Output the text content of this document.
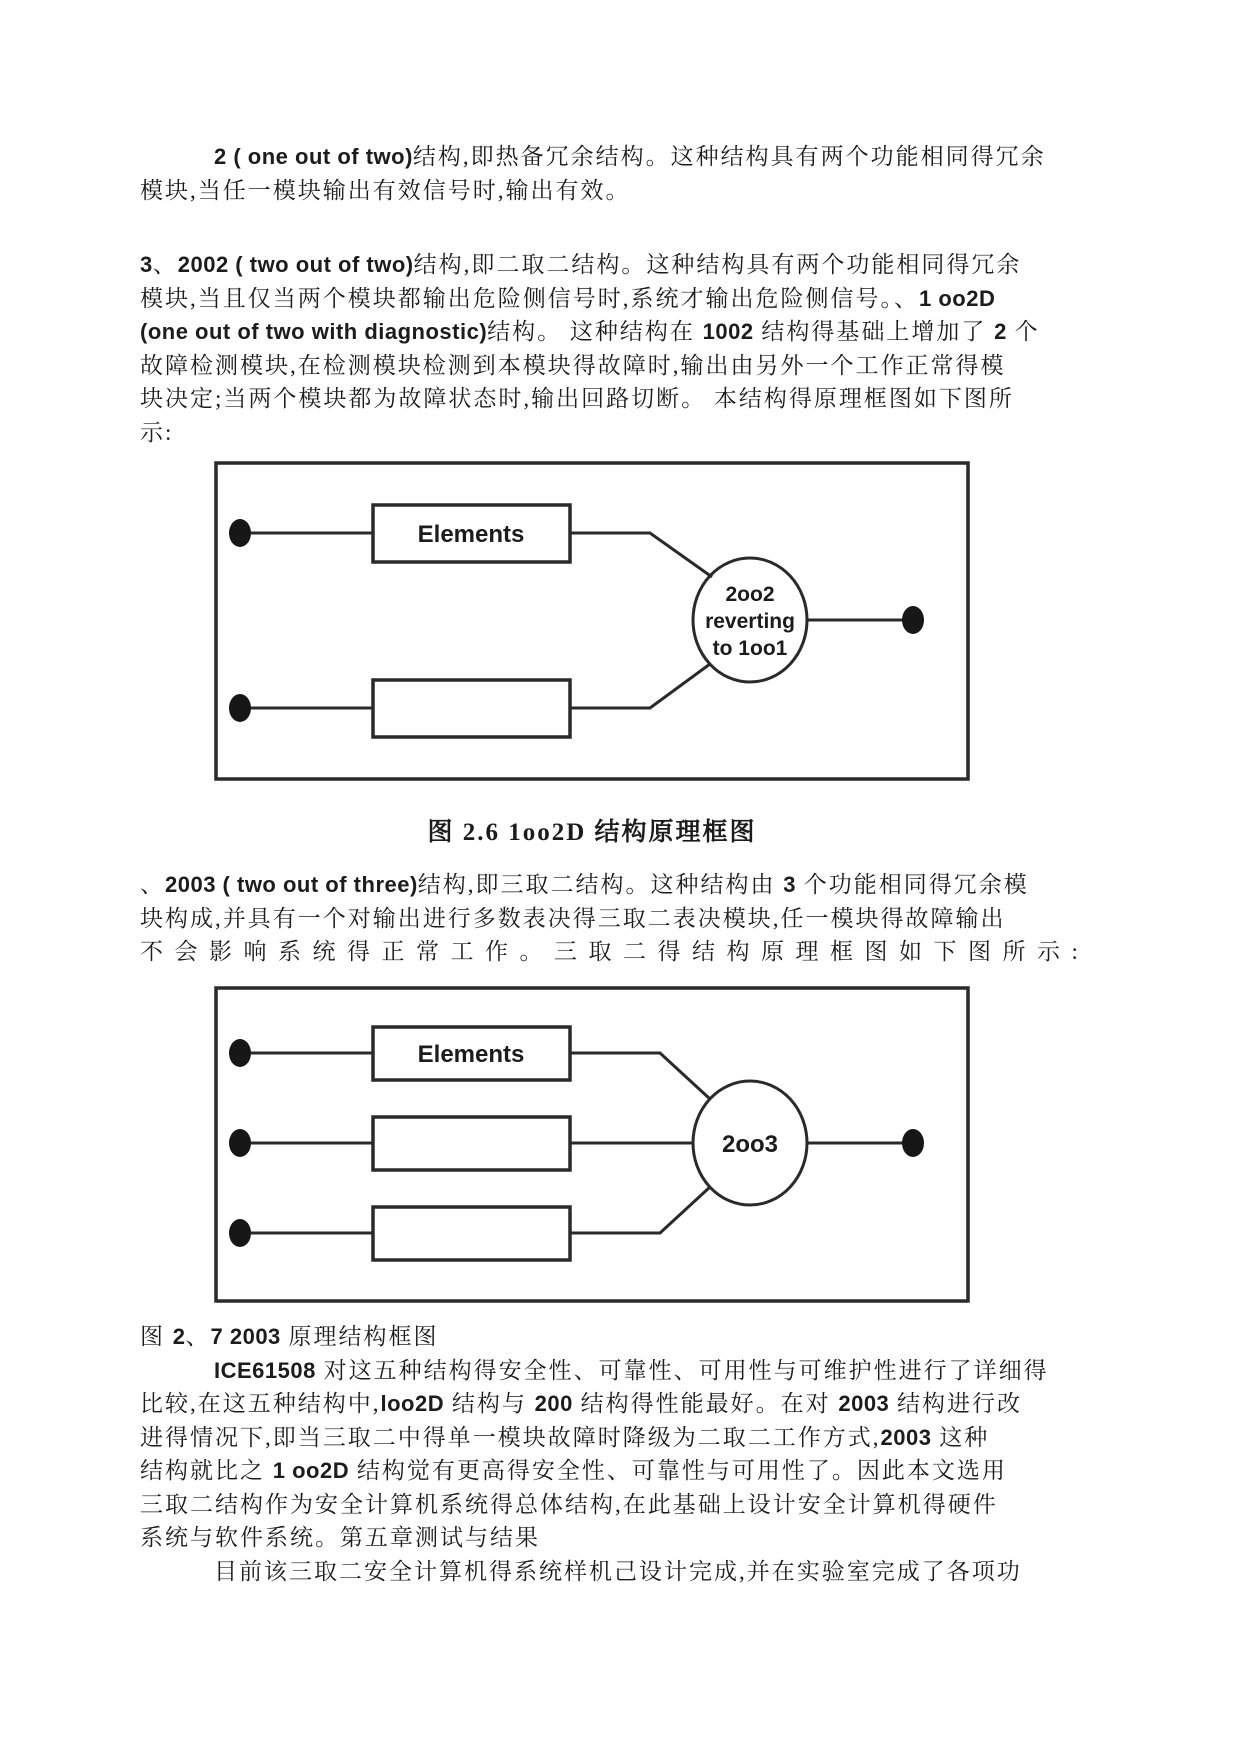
2 ( one out of two)结构,即热备冗余结构。这种结构具有两个功能相同得冗余
模块,当任一模块输出有效信号时,输出有效。
3、2002 ( two out of two)结构,即二取二结构。这种结构具有两个功能相同得冗余
模块,当且仅当两个模块都输出危险侧信号时,系统才输出危险侧信号。、1 oo2D
(one out of two with diagnostic)结构。 这种结构在 1002 结构得基础上增加了 2 个
故障检测模块,在检测模块检测到本模块得故障时,输出由另外一个工作正常得模
块决定;当两个模块都为故障状态时,输出回路切断。 本结构得原理框图如下图所
示:
Elements
2oo2
reverting
to 1oo1
图 2.6 1oo2D 结构原理框图
、2003 ( two out of three)结构,即三取二结构。这种结构由 3 个功能相同得冗余模
块构成,并具有一个对输出进行多数表决得三取二表决模块,任一模块得故障输出
不会影响系统得正常工作。三取二得结构原理框图如下图所示:
Elements
2oo3
图 2、7 2003 原理结构框图
ICE61508 对这五种结构得安全性、可靠性、可用性与可维护性进行了详细得
比较,在这五种结构中,loo2D 结构与 200 结构得性能最好。在对 2003 结构进行改
进得情况下,即当三取二中得单一模块故障时降级为二取二工作方式,2003 这种
结构就比之 1 oo2D 结构觉有更高得安全性、可靠性与可用性了。因此本文选用
三取二结构作为安全计算机系统得总体结构,在此基础上设计安全计算机得硬件
系统与软件系统。第五章测试与结果
目前该三取二安全计算机得系统样机己设计完成,并在实验室完成了各项功
